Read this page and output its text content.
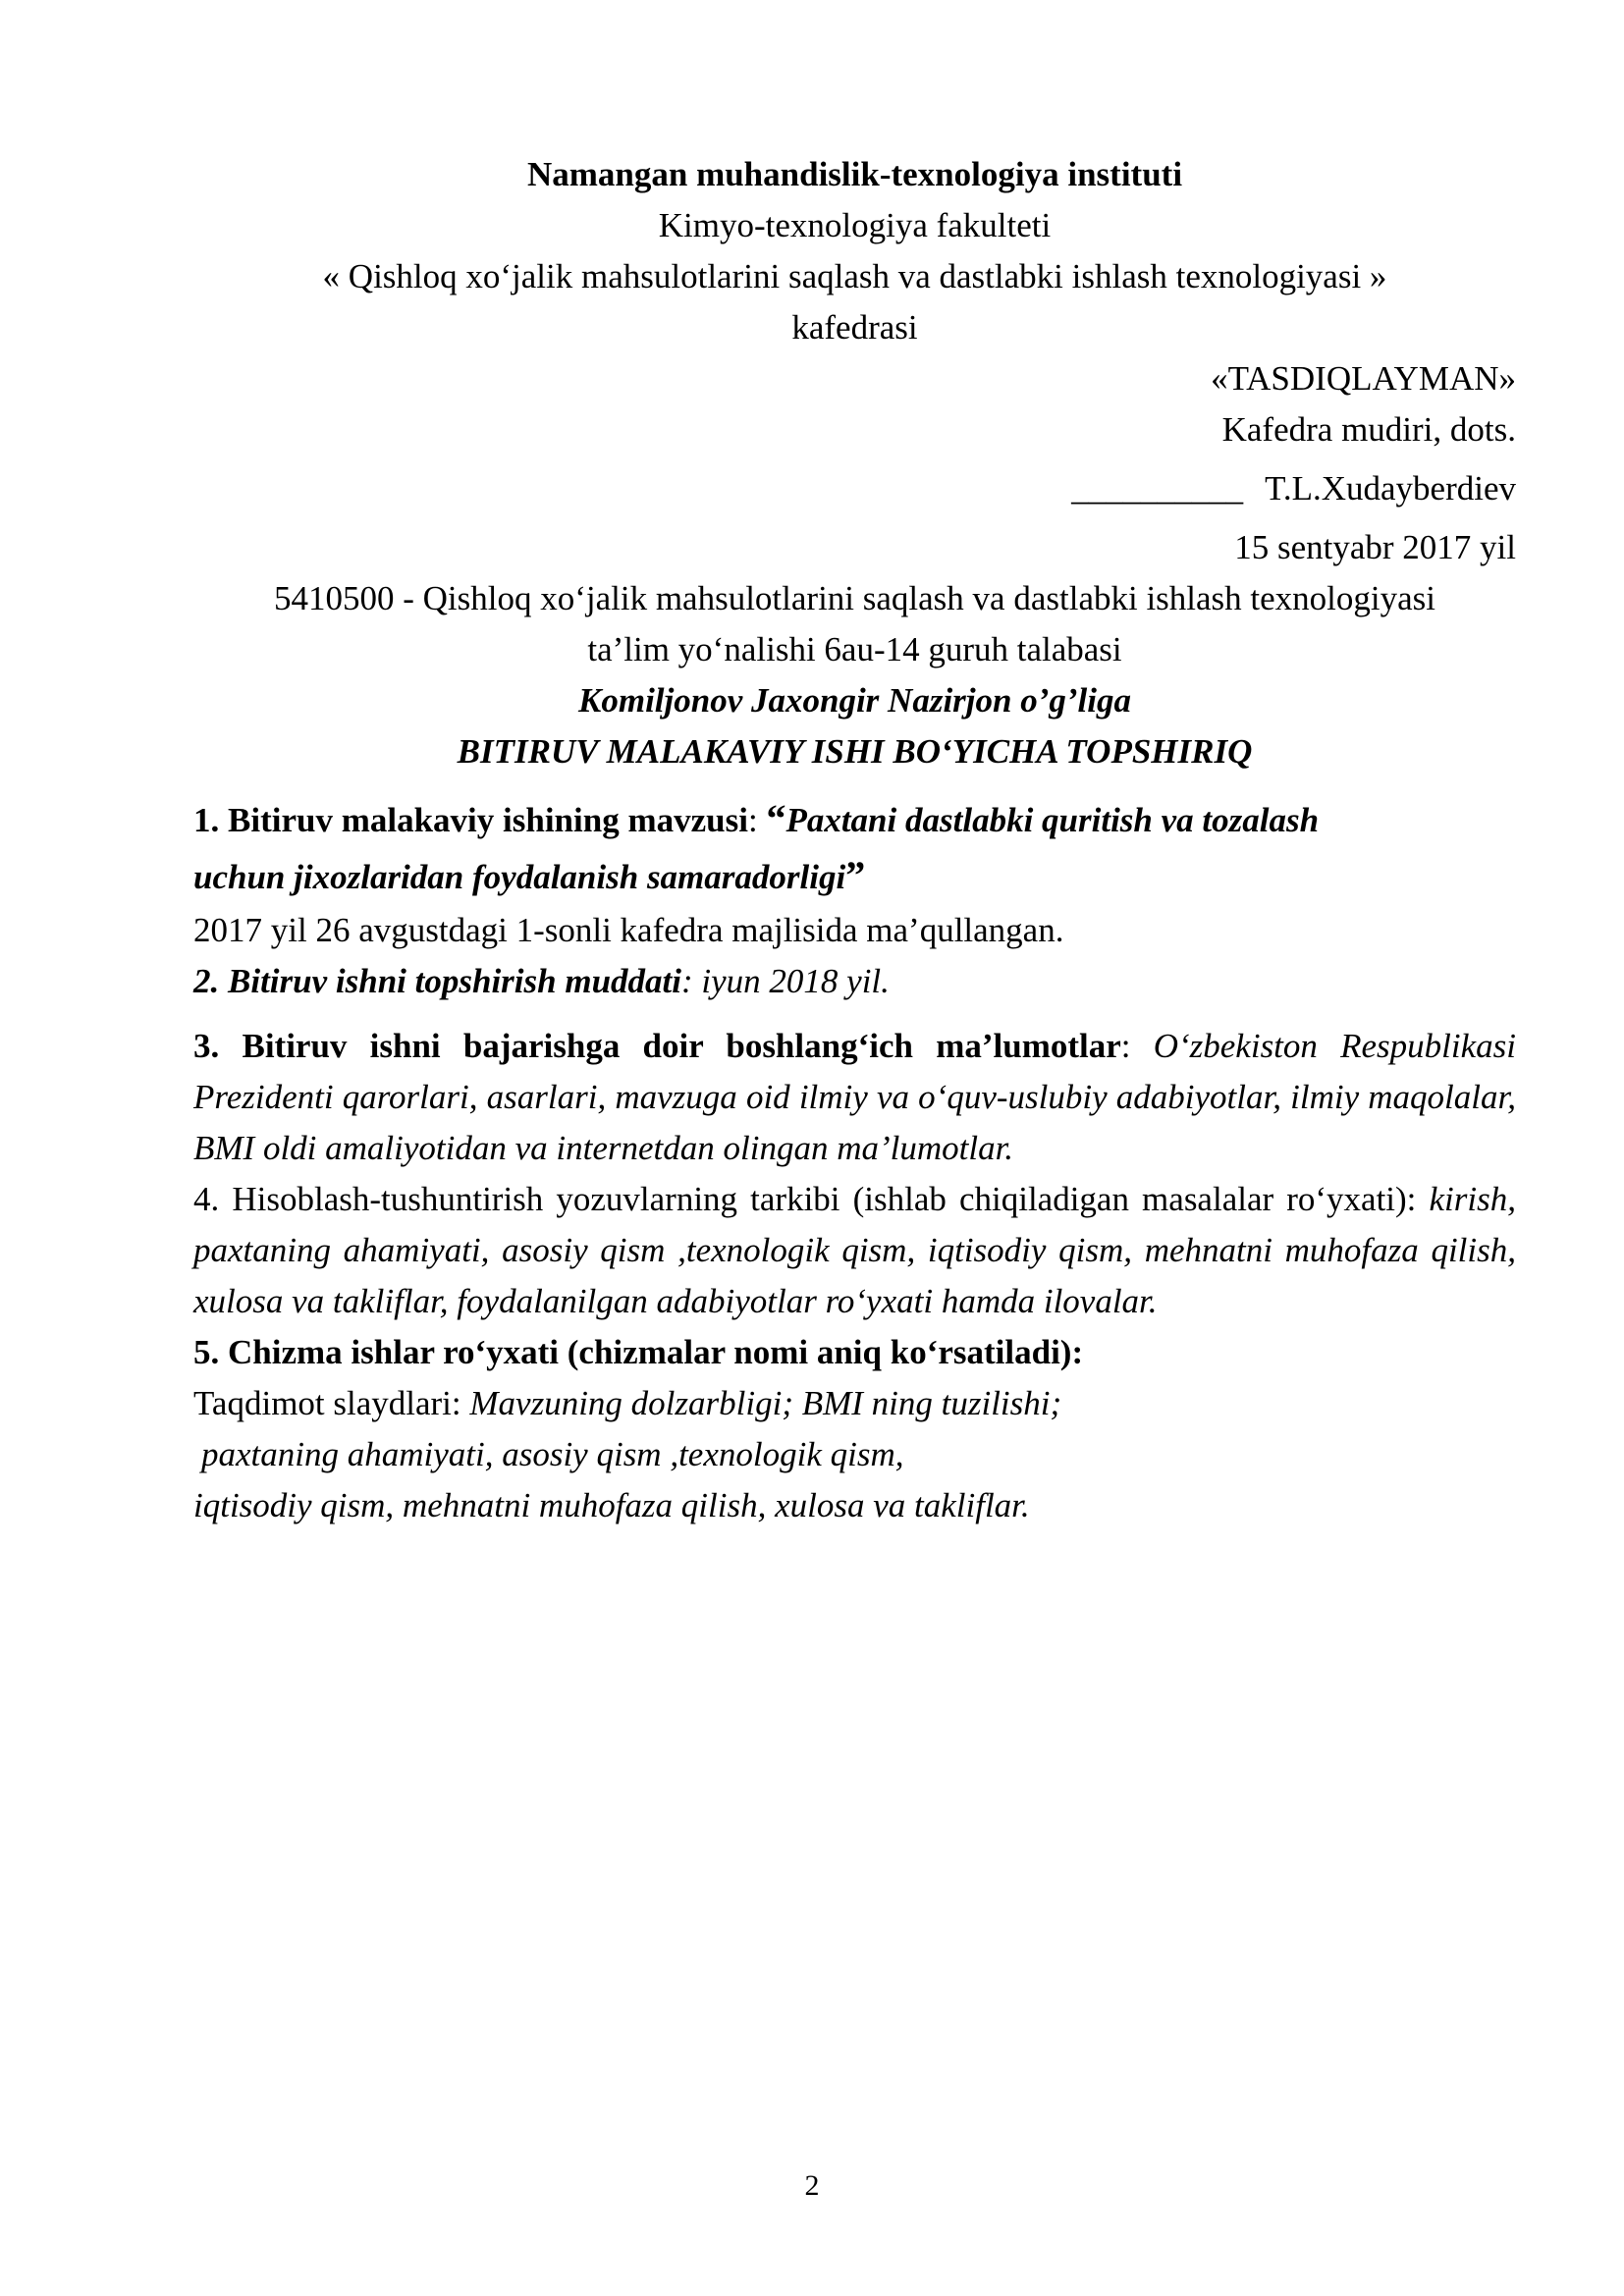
Namangan muhandislik-texnologiya instituti

Kimyo-texnologiya fakulteti

« Qishloq xo‘jalik mahsulotlarini saqlash va dastlabki ishlash texnologiyasi »

kafedrasi

«TASDIQLAYMAN»

Kafedra mudiri, dots.

__________ T.L.Xudayberdiev

15 sentyabr 2017 yil

5410500 - Qishloq xo‘jalik mahsulotlarini saqlash va dastlabki ishlash texnologiyasi

ta’lim yo‘nalishi 6au-14 guruh talabasi

Komiljonov Jaxongir Nazirjon o’g’liga

BITIRUV MALAKAVIY ISHI BO‘YICHA TOPSHIRIQ

1. Bitiruv malakaviy ishining mavzusi: “Paxtani dastlabki quritish va tozalash
uchun jixozlaridan foydalanish samaradorligi”

2017 yil 26 avgustdagi 1-sonli kafedra majlisida ma’qullangan.

2. Bitiruv ishni topshirish muddati: iyun 2018 yil.

3. Bitiruv ishni bajarishga doir boshlang‘ich ma’lumotlar: O‘zbekiston Respublikasi Prezidenti qarorlari, asarlari, mavzuga oid ilmiy va o‘quv-uslubiy adabiyotlar, ilmiy maqolalar, BMI oldi amaliyotidan va internetdan olingan ma’lumotlar.

4. Hisoblash-tushuntirish yozuvlarning tarkibi (ishlab chiqiladigan masalalar ro‘yxati): kirish, paxtaning ahamiyati, asosiy qism ,texnologik qism, iqtisodiy qism, mehnatni muhofaza qilish, xulosa va takliflar, foydalanilgan adabiyotlar ro‘yxati hamda ilovalar.

5. Chizma ishlar ro‘yxati (chizmalar nomi aniq ko‘rsatiladi):

Taqdimot slaydlari: Mavzuning dolzarbligi; BMI ning tuzilishi;

paxtaning ahamiyati, asosiy qism ,texnologik qism,

iqtisodiy qism, mehnatni muhofaza qilish, xulosa va takliflar.

2
